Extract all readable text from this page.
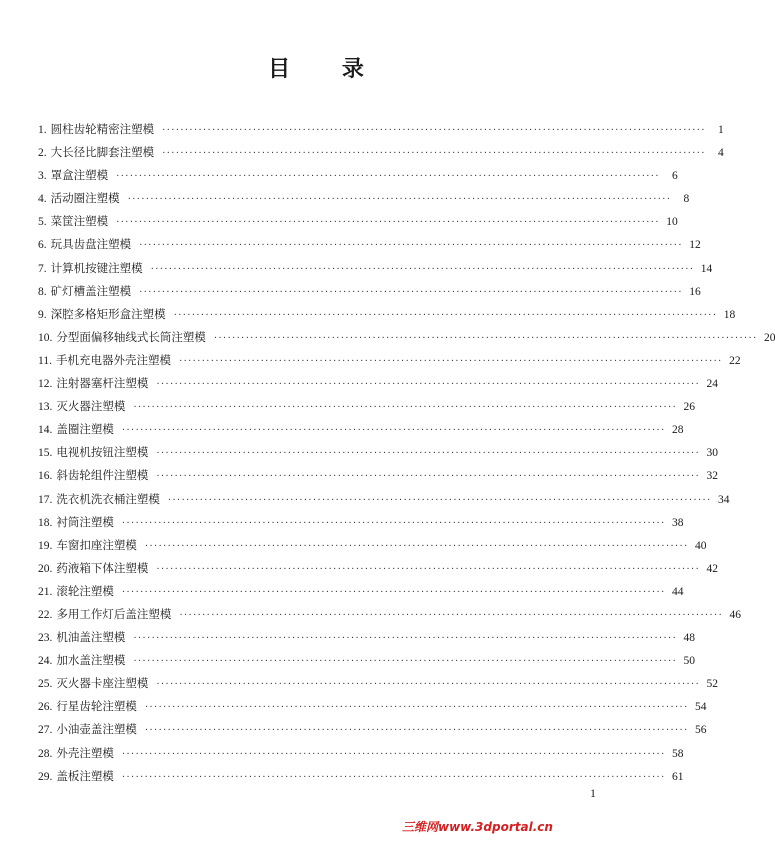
目 录
1. 圆柱齿轮精密注塑模 ························································································································	1
2. 大长径比脚套注塑模 ························································································································	4
3. 罩盒注塑模 ························································································································	6
4. 活动圈注塑模 ························································································································	8
5. 菜筐注塑模 ························································································································ 10
6. 玩具齿盘注塑模 ························································································································ 12
7. 计算机按键注塑模 ························································································································ 14
8. 矿灯槽盖注塑模 ························································································································ 16
9. 深腔多格矩形盒注塑模 ························································································································ 18
10. 分型面偏移轴线式长筒注塑模 ························································································································ 20
11. 手机充电器外壳注塑模 ························································································································ 22
12. 注射器塞杆注塑模 ························································································································ 24
13. 灭火器注塑模 ························································································································ 26
14. 盖圈注塑模 ························································································································ 28
15. 电视机按钮注塑模 ························································································································ 30
16. 斜齿轮组件注塑模 ························································································································ 32
17. 洗衣机洗衣桶注塑模 ························································································································ 34
18. 衬筒注塑模 ························································································································ 38
19. 车窗扣座注塑模 ························································································································ 40
20. 药液箱下体注塑模 ························································································································ 42
21. 滚轮注塑模 ························································································································ 44
22. 多用工作灯后盖注塑模 ························································································································ 46
23. 机油盖注塑模 ························································································································ 48
24. 加水盖注塑模 ························································································································ 50
25. 灭火器卡座注塑模 ························································································································ 52
26. 行星齿轮注塑模 ························································································································ 54
27. 小油壶盖注塑模 ························································································································ 56
28. 外壳注塑模 ························································································································ 58
29. 盖板注塑模 ························································································································ 61
1
三维网www.3dportal.cn
